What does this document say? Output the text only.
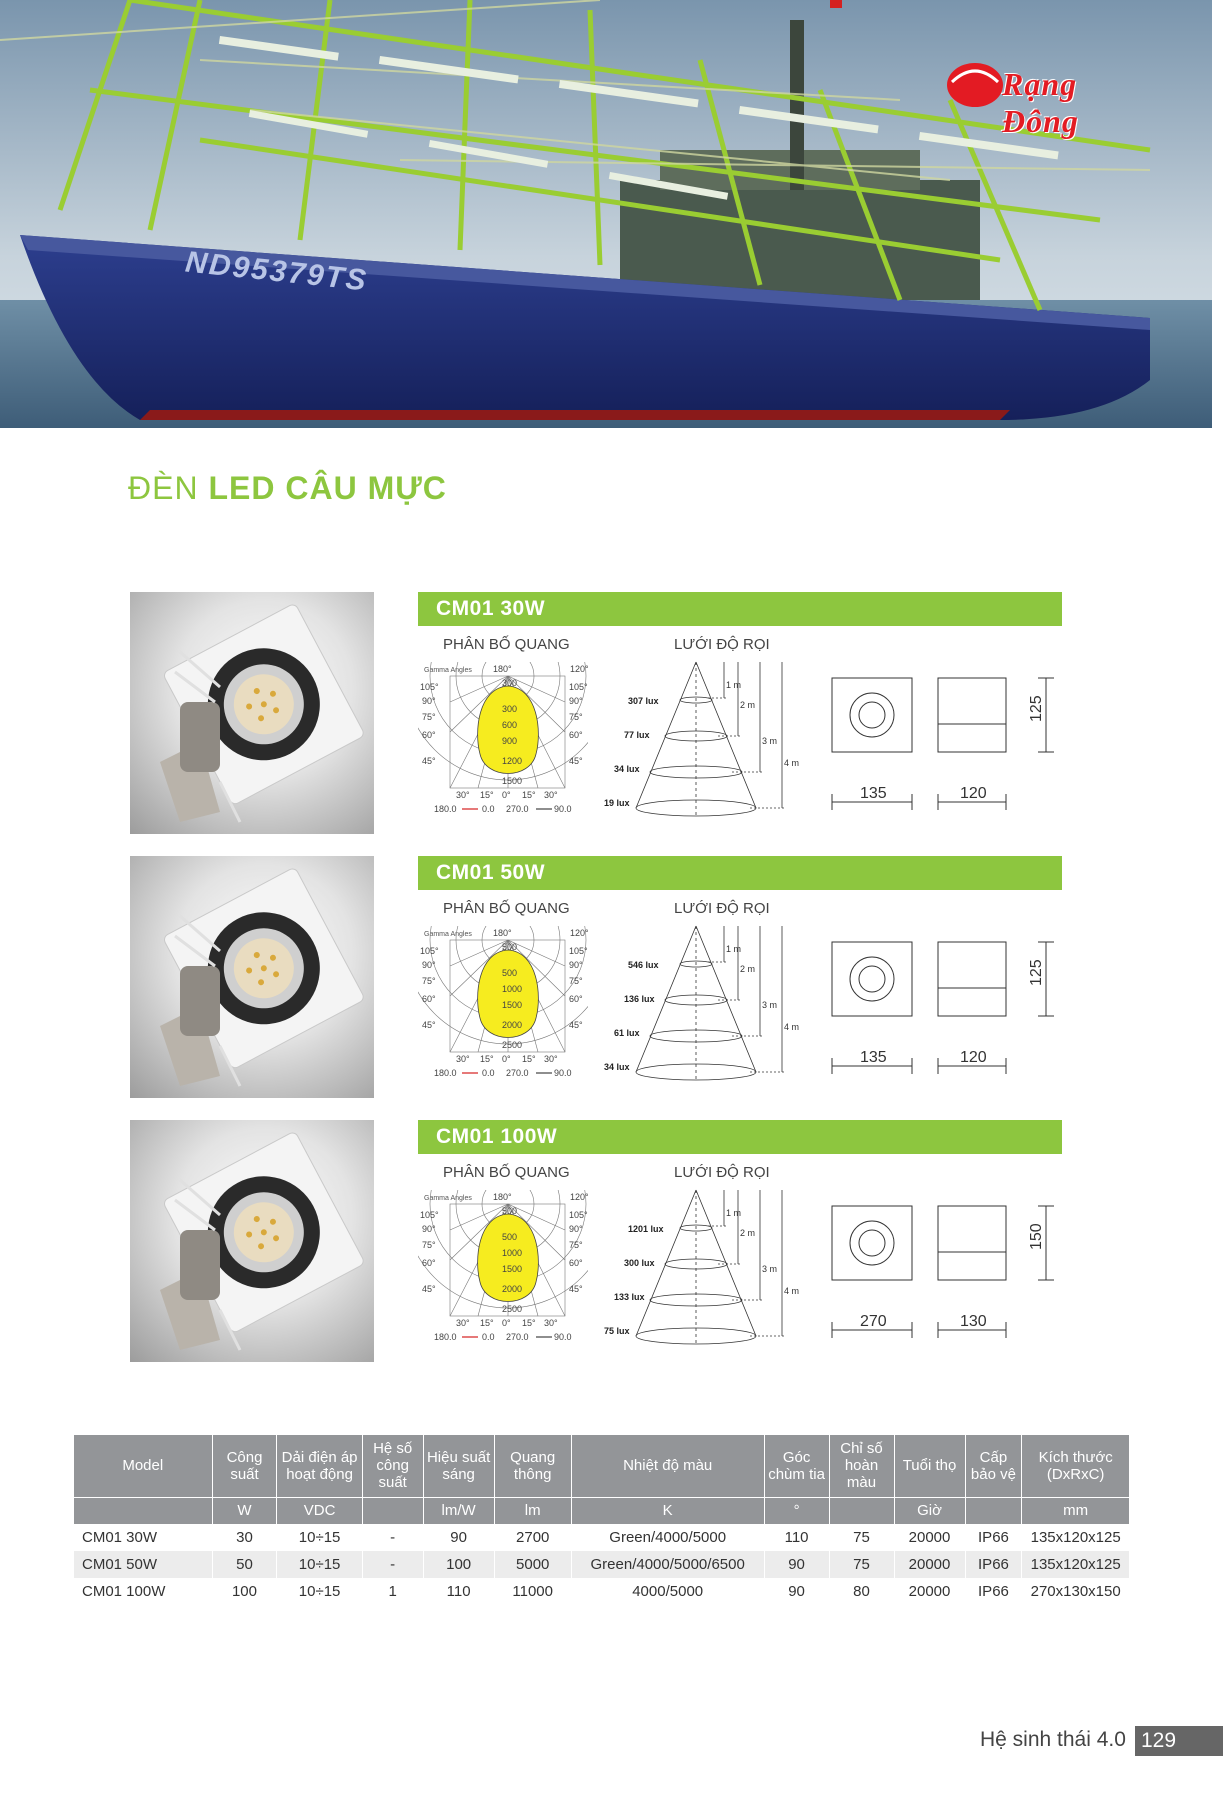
ND95379TS
Rạng Đông
ĐÈN LED CÂU MỰC
CM01 30W
PHÂN BỐ QUANG	LƯỚI ĐỘ RỌI
Gamma Angles 180°	120°
105°
90°
75°
60°
45°
105°
90°
75°
60°
45°
300
300
600
900
1200
1500
30° 15° 0° 15° 30°
180.0	0.0 270.0	90.0
1 m
2 m
3 m
4 m
307 lux
77 lux
34 lux
19 lux
135	120
125
CM01 50W
PHÂN BỐ QUANG	LƯỚI ĐỘ RỌI
Gamma Angles 180°	120°
105°
90°
75°
60°
45°
105°
90°
75°
60°
45°
500
500
1000
1500
2000
2500
30° 15° 0° 15° 30°
180.0	0.0 270.0	90.0
1 m
2 m
3 m
4 m
546 lux
136 lux
61 lux
34 lux
135	120
125
CM01 100W
PHÂN BỐ QUANG	LƯỚI ĐỘ RỌI
Gamma Angles 180°	120°
105°
90°
75°
60°
45°
105°
90°
75°
60°
45°
500
500
1000
1500
2000
2500
30° 15° 0° 15° 30°
180.0	0.0 270.0	90.0
1 m
2 m
3 m
4 m
1201 lux
300 lux
133 lux
75 lux
270	130
150
Model	Công suất	Dải điện áp hoạt động	Hệ số công suất	Hiệu suất sáng	Quang thông	Nhiệt độ màu	Góc chùm tia	Chỉ số hoàn màu	Tuổi thọ	Cấp bảo vệ	Kích thước (DxRxC)
	W	VDC		lm/W	lm	K	°		Giờ		mm
CM01 30W	30	10÷15	-	90	2700	Green/4000/5000	110	75	20000	IP66	135x120x125
CM01 50W	50	10÷15	-	100	5000	Green/4000/5000/6500	90	75	20000	IP66	135x120x125
CM01 100W	100	10÷15	1	110	11000	4000/5000	90	80	20000	IP66	270x130x150
Hệ sinh thái 4.0 129
